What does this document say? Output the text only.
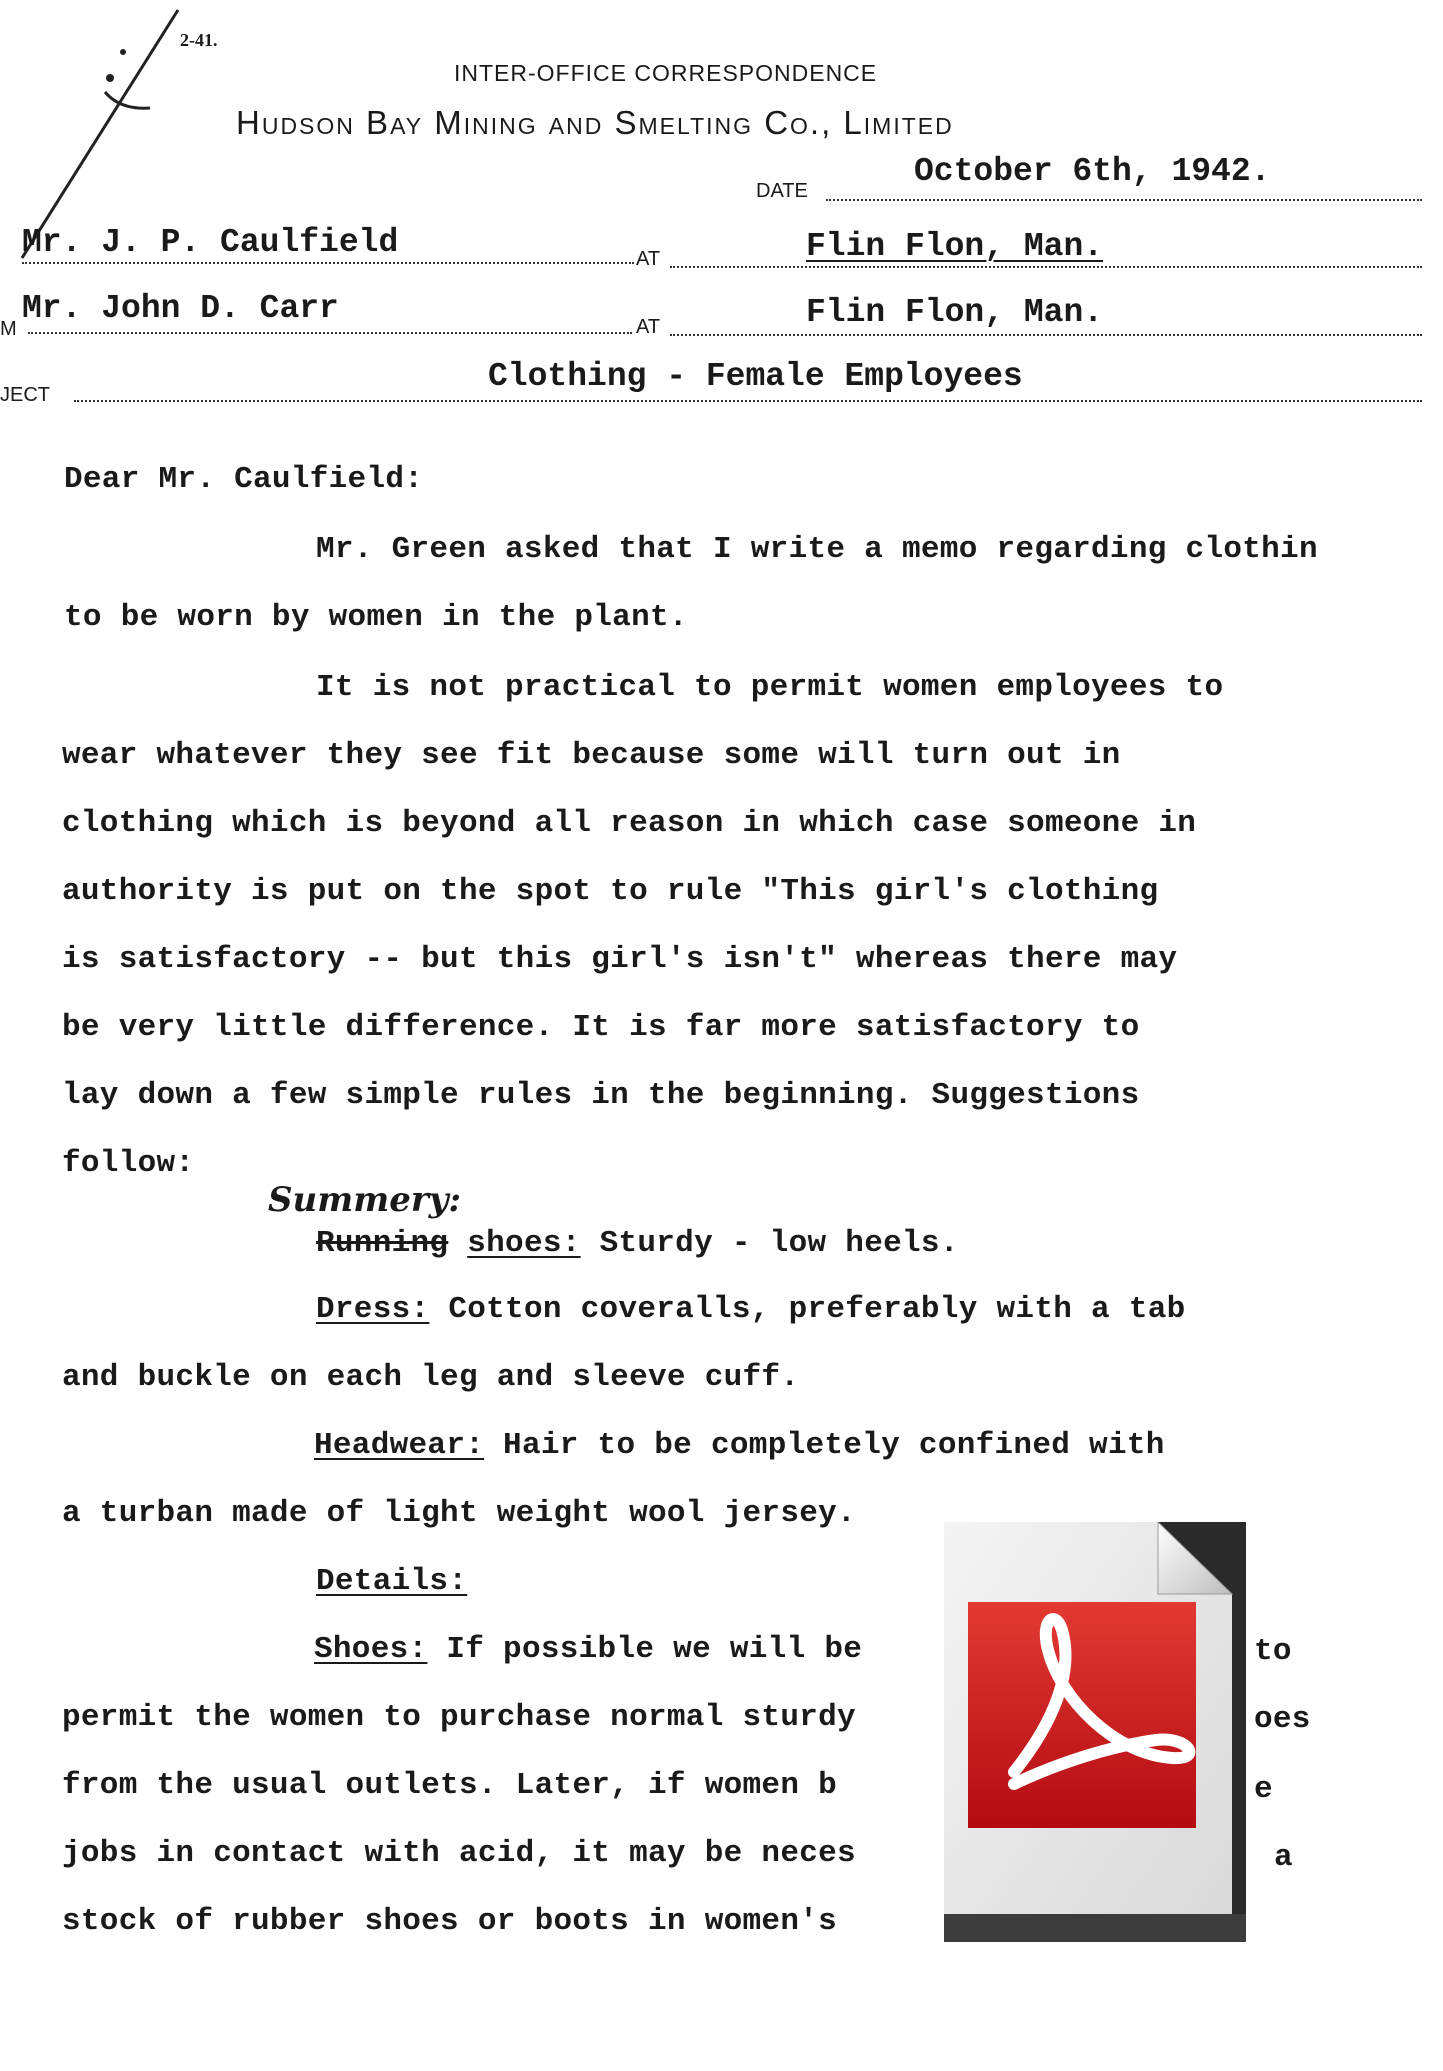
2-41.
INTER-OFFICE CORRESPONDENCE
Hudson Bay Mining and Smelting Co., Limited
DATE
October 6th, 1942.
Mr. J. P. Caulfield	AT	Flin Flon, Man.
M
Mr. John D. Carr	AT	Flin Flon, Man.
JECT	Clothing - Female Employees
Dear Mr. Caulfield:
Mr. Green asked that I write a memo regarding clothin
to be worn by women in the plant.
It is not practical to permit women employees to
wear whatever they see fit because some will turn out in
clothing which is beyond all reason in which case someone in
authority is put on the spot to rule "This girl's clothing
is satisfactory -- but this girl's isn't" whereas there may
be very little difference. It is far more satisfactory to
lay down a few simple rules in the beginning. Suggestions
follow:
Summery:
Running shoes: Sturdy - low heels.
Dress: Cotton coveralls, preferably with a tab
and buckle on each leg and sleeve cuff.
Headwear: Hair to be completely confined with
a turban made of light weight wool jersey.
Details:
Shoes: If possible we will be	to
permit the women to purchase normal sturdy	oes
from the usual outlets. Later, if women b	e
jobs in contact with acid, it may be neces	a
stock of rubber shoes or boots in women's
